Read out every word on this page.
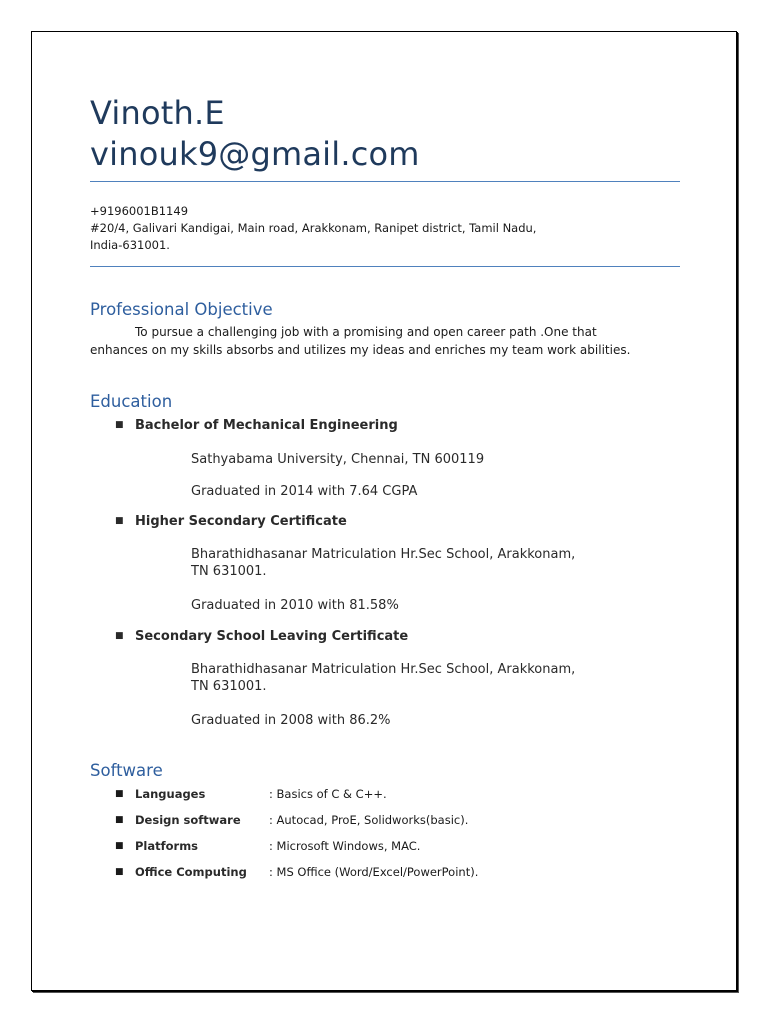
Vinoth.E
vinouk9@gmail.com
+9196001B1149
#20/4, Galivari Kandigai, Main road, Arakkonam, Ranipet district, Tamil Nadu,
India-631001.
Professional Objective
To pursue a challenging job with a promising and open career path .One that
enhances on my skills absorbs and utilizes my ideas and enriches my team work abilities.
Education
■ Bachelor of Mechanical Engineering
Sathyabama University, Chennai, TN 600119
Graduated in 2014 with 7.64 CGPA
■ Higher Secondary Certificate
Bharathidhasanar Matriculation Hr.Sec School, Arakkonam,
TN 631001.
Graduated in 2010 with 81.58%
■ Secondary School Leaving Certificate
Bharathidhasanar Matriculation Hr.Sec School, Arakkonam,
TN 631001.
Graduated in 2008 with 86.2%
Software
■ Languages	: Basics of C & C++.
■ Design software : Autocad, ProE, Solidworks(basic).
■ Platforms	: Microsoft Windows, MAC.
■ Office Computing : MS Office (Word/Excel/PowerPoint).
